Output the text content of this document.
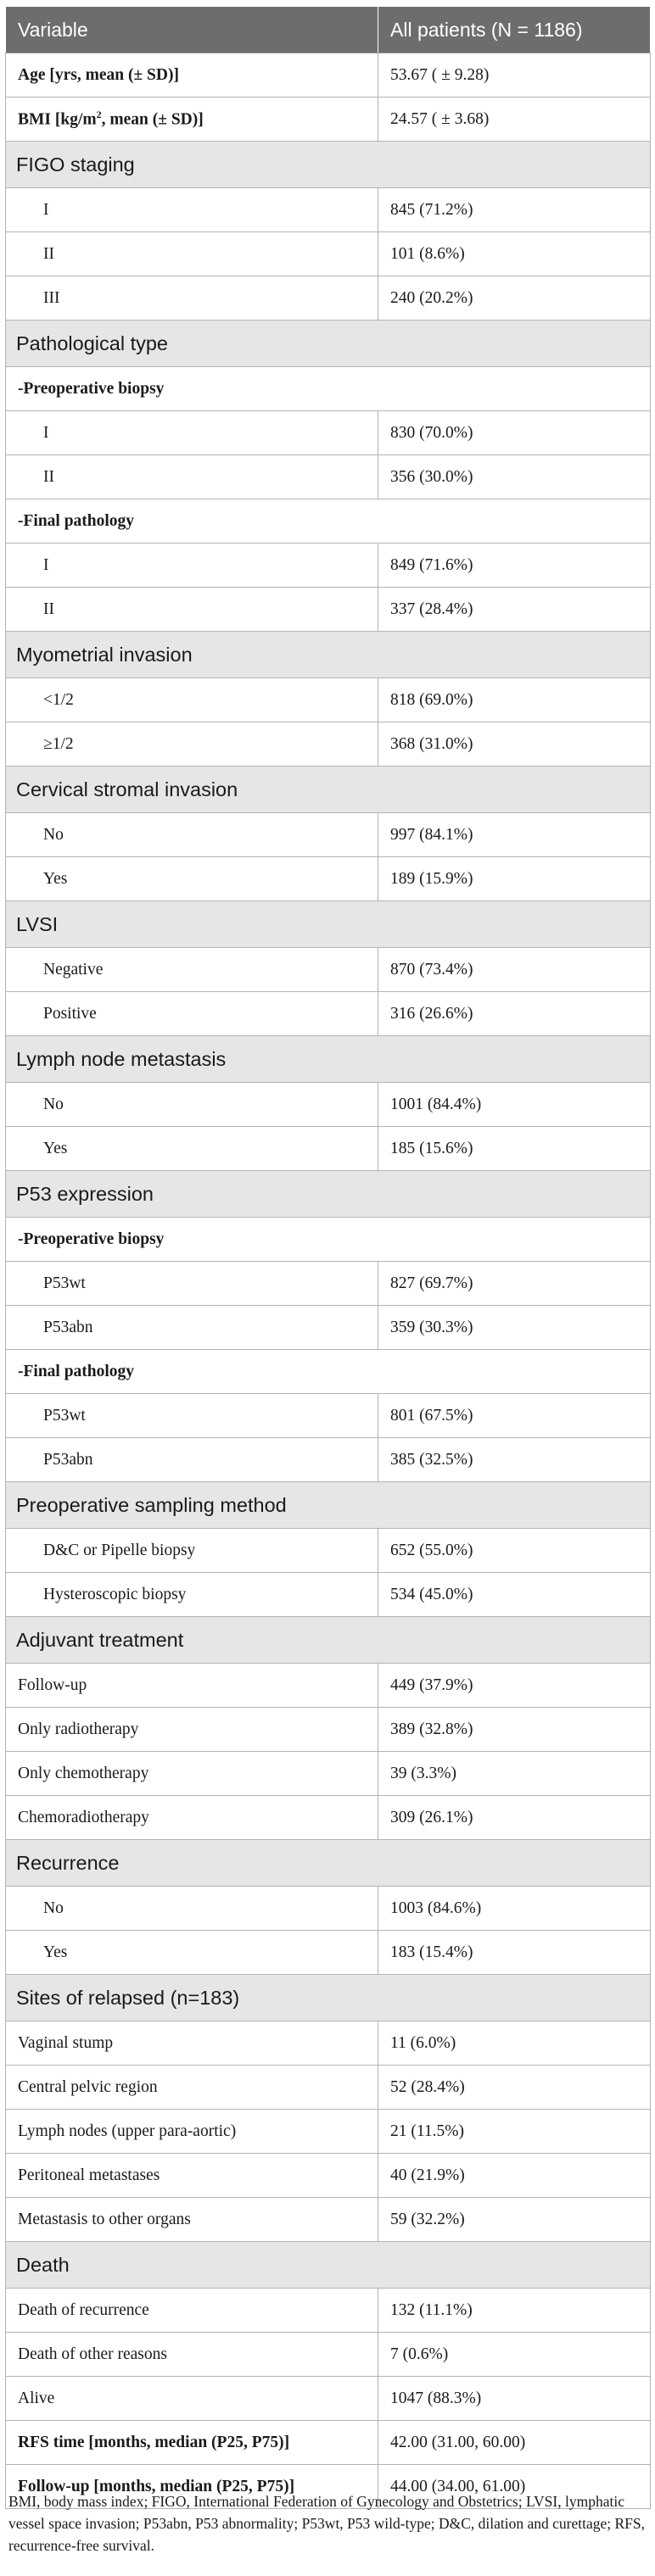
Variable	All patients (N = 1186)
Age [yrs, mean (± SD)]	53.67 ( ± 9.28)
BMI [$kg/m^2$, mean (± SD)]	24.57 ( ± 3.68)
FIGO staging	
I	845 (71.2%)
II	101 (8.6%)
III	240 (20.2%)
Pathological type	
-Preoperative biopsy	
I	830 (70.0%)
II	356 (30.0%)
-Final pathology	
I	849 (71.6%)
II	337 (28.4%)
Myometrial invasion	
<1/2	818 (69.0%)
≥1/2	368 (31.0%)
Cervical stromal invasion	
No	997 (84.1%)
Yes	189 (15.9%)
LVSI	
Negative	870 (73.4%)
Positive	316 (26.6%)
Lymph node metastasis	
No	1001 (84.4%)
Yes	185 (15.6%)
P53 expression	
-Preoperative biopsy	
P53wt	827 (69.7%)
P53abn	359 (30.3%)
-Final pathology	
P53wt	801 (67.5%)
P53abn	385 (32.5%)
Preoperative sampling method	
D&C or Pipelle biopsy	652 (55.0%)
Hysteroscopic biopsy	534 (45.0%)
Adjuvant treatment	
Follow-up	449 (37.9%)
Only radiotherapy	389 (32.8%)
Only chemotherapy	39 (3.3%)
Chemoradiotherapy	309 (26.1%)
Recurrence	
No	1003 (84.6%)
Yes	183 (15.4%)
Sites of relapsed (n=183)	
Vaginal stump	11 (6.0%)
Central pelvic region	52 (28.4%)
Lymph nodes (upper para-aortic)	21 (11.5%)
Peritoneal metastases	40 (21.9%)
Metastasis to other organs	59 (32.2%)
Death	
Death of recurrence	132 (11.1%)
Death of other reasons	7 (0.6%)
Alive	1047 (88.3%)
RFS time [months, median (P25, P75)]	42.00 (31.00, 60.00)
Follow-up [months, median (P25, P75)]	44.00 (34.00, 61.00)
BMI, body mass index; FIGO, International Federation of Gynecology and Obstetrics; LVSI, lymphatic vessel space invasion; P53abn, P53 abnormality; P53wt, P53 wild-type; D&C, dilation and curettage; RFS, recurrence-free survival.
